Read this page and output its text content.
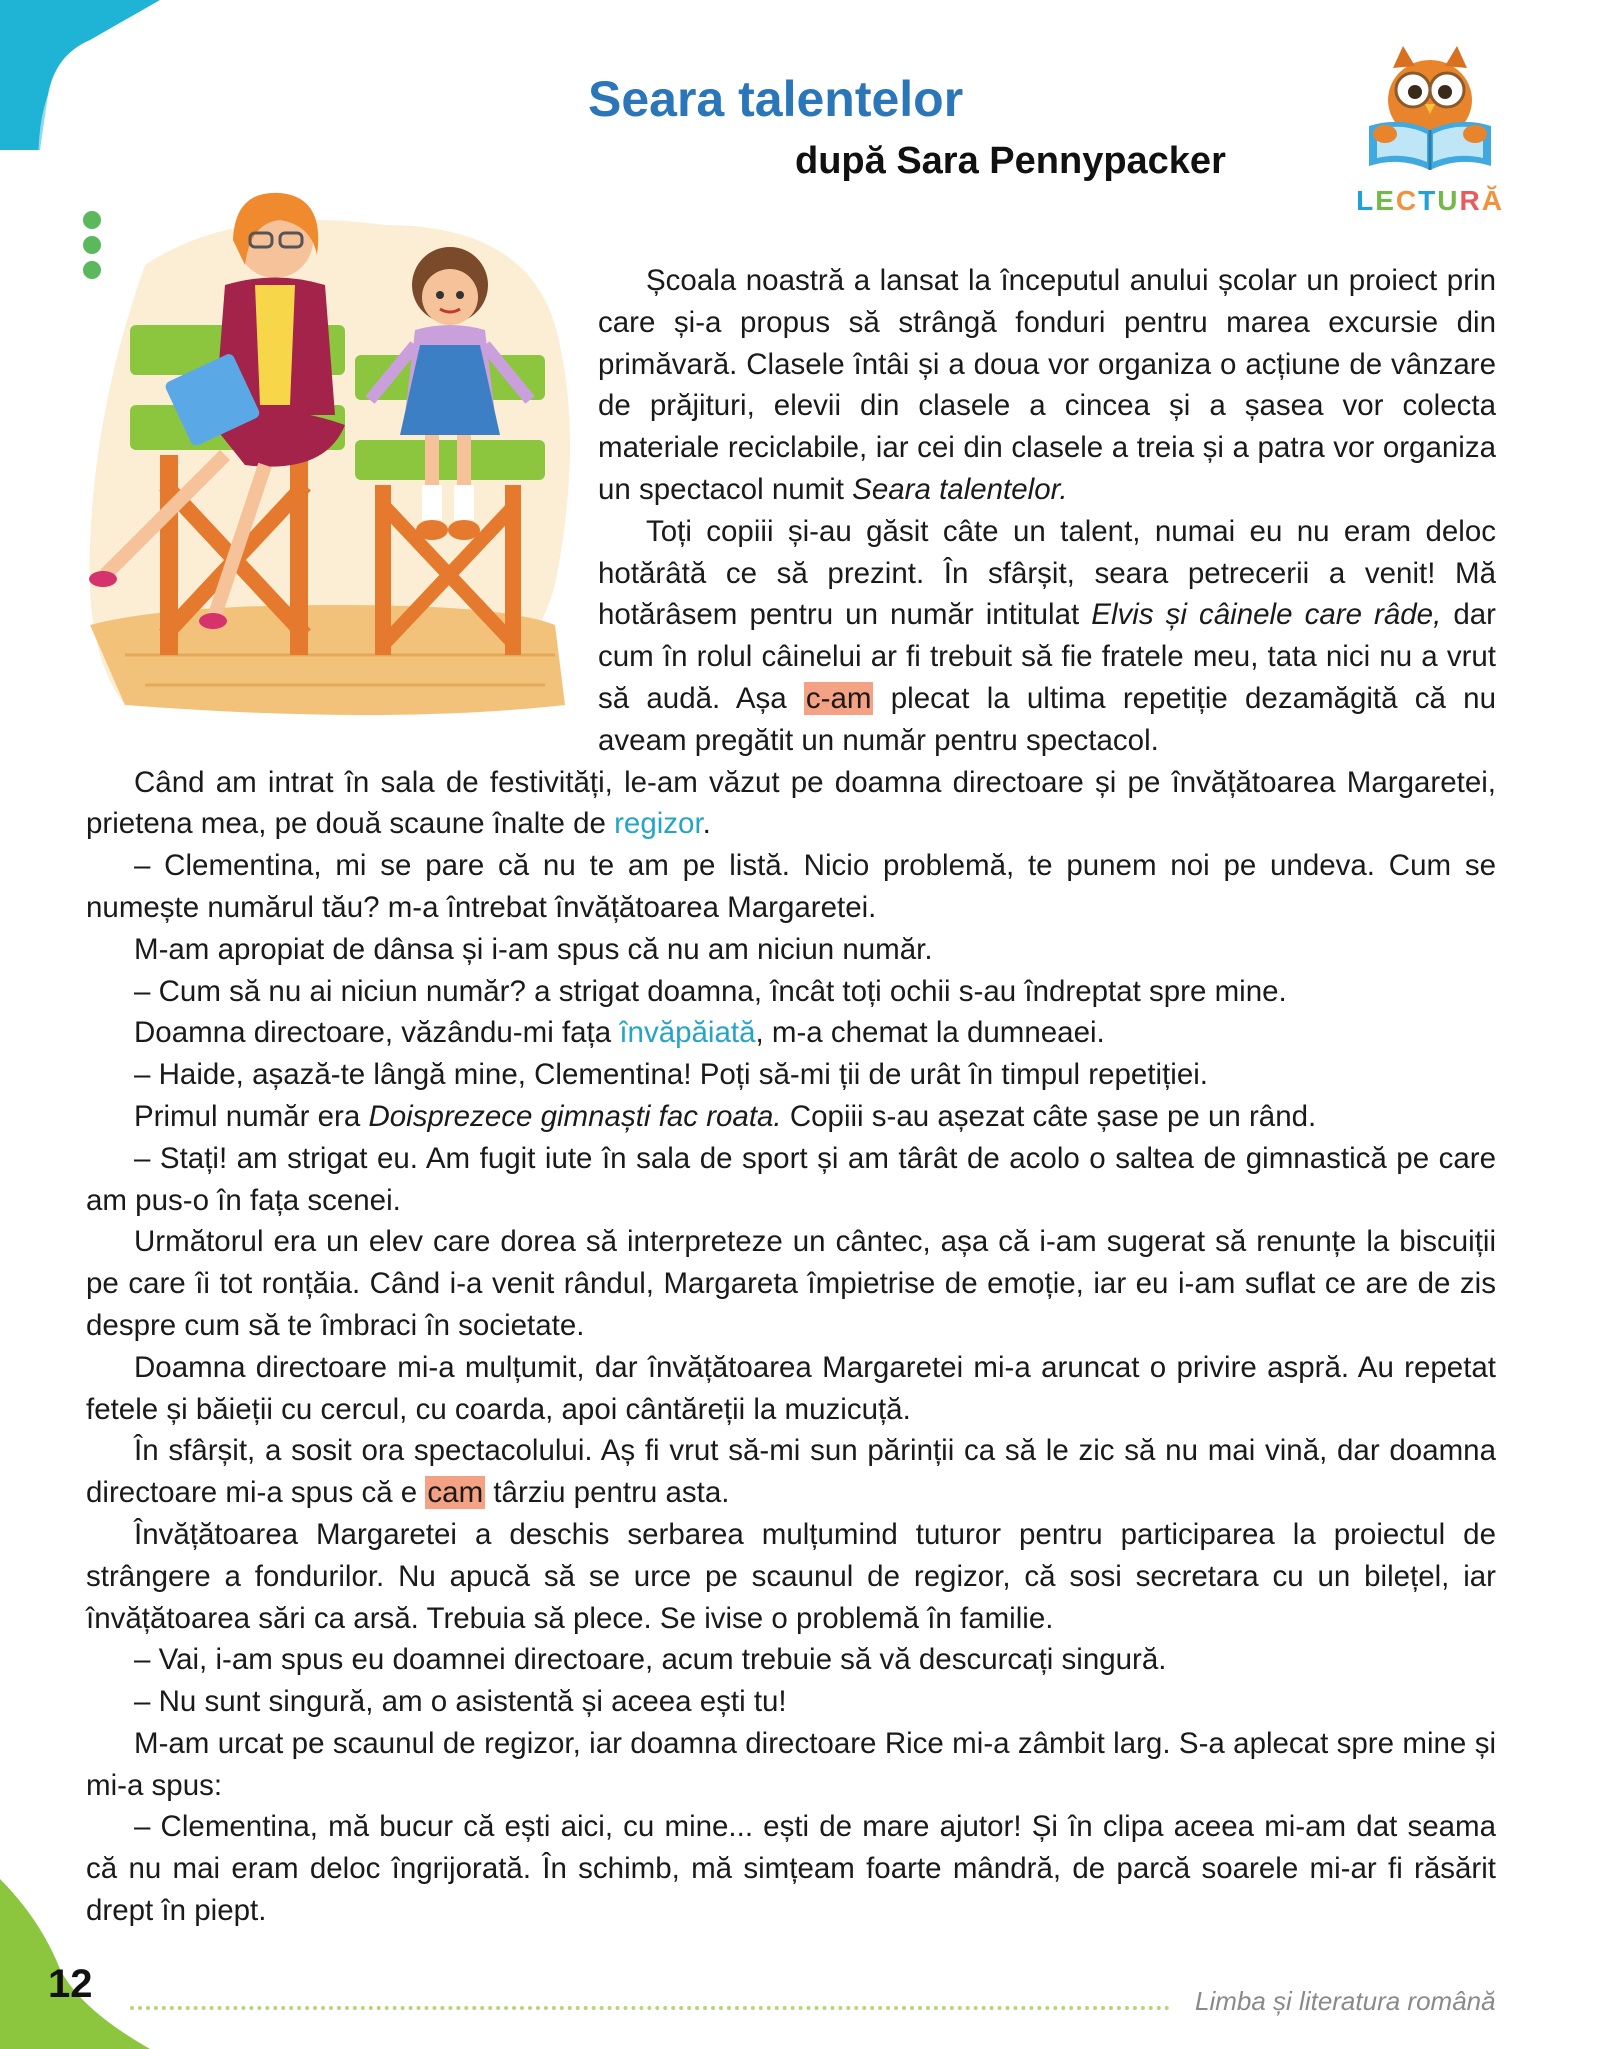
Seara talentelor
după Sara Pennypacker
LECTURĂ

Școala noastră a lansat la începutul anului școlar un proiect prin care și-a propus să strângă fonduri pentru marea excursie din primăvară. Clasele întâi și a doua vor organiza o acțiune de vânzare de prăjituri, elevii din clasele a cincea și a șasea vor colecta materiale reciclabile, iar cei din clasele a treia și a patra vor organiza un spectacol numit Seara talentelor.

Toți copiii și-au găsit câte un talent, numai eu nu eram deloc hotărâtă ce să prezint. În sfârșit, seara petrecerii a venit! Mă hotărâsem pentru un număr intitulat Elvis și câinele care râde, dar cum în rolul câinelui ar fi trebuit să fie fratele meu, tata nici nu a vrut să audă. Așa c-am plecat la ultima repetiție dezamăgită că nu aveam pregătit un număr pentru spectacol.

Când am intrat în sala de festivități, le-am văzut pe doamna directoare și pe învățătoarea Margaretei, prietena mea, pe două scaune înalte de regizor.

– Clementina, mi se pare că nu te am pe listă. Nicio problemă, te punem noi pe undeva. Cum se numește numărul tău? m-a întrebat învățătoarea Margaretei.

M-am apropiat de dânsa și i-am spus că nu am niciun număr.

– Cum să nu ai niciun număr? a strigat doamna, încât toți ochii s-au îndreptat spre mine.

Doamna directoare, văzându-mi fața învăpăiată, m-a chemat la dumneaei.

– Haide, așază-te lângă mine, Clementina! Poți să-mi ții de urât în timpul repetiției.

Primul număr era Doisprezece gimnaști fac roata. Copiii s-au așezat câte șase pe un rând.

– Stați! am strigat eu. Am fugit iute în sala de sport și am târât de acolo o saltea de gimnastică pe care am pus-o în fața scenei.

Următorul era un elev care dorea să interpreteze un cântec, așa că i-am sugerat să renunțe la biscuiții pe care îi tot ronțăia. Când i-a venit rândul, Margareta împietrise de emoție, iar eu i-am suflat ce are de zis despre cum să te îmbraci în societate.

Doamna directoare mi-a mulțumit, dar învățătoarea Margaretei mi-a aruncat o privire aspră. Au repetat fetele și băieții cu cercul, cu coarda, apoi cântăreții la muzicuță.

În sfârșit, a sosit ora spectacolului. Aș fi vrut să-mi sun părinții ca să le zic să nu mai vină, dar doamna directoare mi-a spus că e cam târziu pentru asta.

Învățătoarea Margaretei a deschis serbarea mulțumind tuturor pentru participarea la proiectul de strângere a fondurilor. Nu apucă să se urce pe scaunul de regizor, că sosi secretara cu un bilețel, iar învățătoarea sări ca arsă. Trebuia să plece. Se ivise o problemă în familie.

– Vai, i-am spus eu doamnei directoare, acum trebuie să vă descurcați singură.

– Nu sunt singură, am o asistentă și aceea ești tu!

M-am urcat pe scaunul de regizor, iar doamna directoare Rice mi-a zâmbit larg. S-a aplecat spre mine și mi-a spus:

– Clementina, mă bucur că ești aici, cu mine... ești de mare ajutor! Și în clipa aceea mi-am dat seama că nu mai eram deloc îngrijorată. În schimb, mă simțeam foarte mândră, de parcă soarele mi-ar fi răsărit drept în piept.

12	Limba și literatura română
